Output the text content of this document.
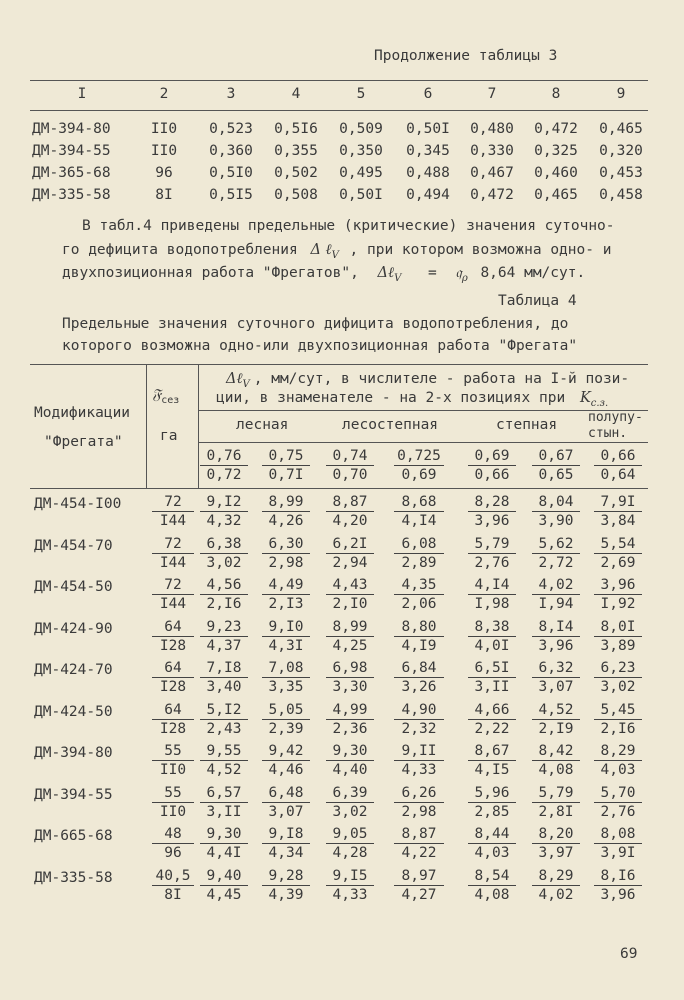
Продолжение таблицы 3
I	2	3	4	5	6	7	8	9
ДМ-394-80	II0	0,523	0,5I6	0,509	0,50I	0,480	0,472	0,465
ДМ-394-55	II0	0,360	0,355	0,350	0,345	0,330	0,325	0,320
ДМ-365-68	96	0,5I0	0,502	0,495	0,488	0,467	0,460	0,453
ДМ-335-58	8I	0,5I5	0,508	0,50I	0,494	0,472	0,465	0,458
В табл.4 приведены предельные (критические) значения суточно-
го дефицита водопотребления Δ ℓ$_V$ , при котором возможна одно- и
двухпозиционная работа "Фрегатов", Δℓ$_V$ = 𝔮$_\rho$ 8,64 мм/сут.
Таблица 4
Предельные значения суточного дифицита водопотребления, до
которого возможна одно-или двухпозиционная работа "Фрегата"
Модификации
"Фрегата"
𝔉$_{сез}$
га
Δℓ$_V$ , мм/сут, в числителе - работа на I-й пози-
ции, в знаменателе - на 2-х позициях при $K_{с.з.}$
лесная	лесостепная	степная полупу-
стын.
$\frac{0,76}{0,72} \frac{0,75}{0,7I} \frac{0,74}{0,70} \frac{0,725}{0,69} \frac{0,69}{0,66} \frac{0,67}{0,65} \frac{0,66}{0,64}$
$ДМ-454-I00 \frac{72}{I44} \frac{9,I2}{4,32} \frac{8,99}{4,26} \frac{8,87}{4,20} \frac{8,68}{4,I4} \frac{8,28}{3,96} \frac{8,04}{3,90} \frac{7,9I}{3,84}$
ДМ-454-70	$\frac{72}{I44} \frac{6,38}{3,02} \frac{6,30}{2,98} \frac{6,2I}{2,94} \frac{6,08}{2,89} \frac{5,79}{2,76} \frac{5,62}{2,72} \frac{5,54}{2,69}$
ДМ-454-50	$\frac{72}{I44} \frac{4,56}{2,I6} \frac{4,49}{2,I3} \frac{4,43}{2,I0} \frac{4,35}{2,06} \frac{4,I4}{I,98} \frac{4,02}{I,94} \frac{3,96}{I,92}$
ДМ-424-90	$\frac{64}{I28} \frac{9,23}{4,37} \frac{9,I0}{4,3I} \frac{8,99}{4,25} \frac{8,80}{4,I9} \frac{8,38}{4,0I} \frac{8,I4}{3,96} \frac{8,0I}{3,89}$
ДМ-424-70	$\frac{64}{I28} \frac{7,I8}{3,40} \frac{7,08}{3,35} \frac{6,98}{3,30} \frac{6,84}{3,26} \frac{6,5I}{3,II} \frac{6,32}{3,07} \frac{6,23}{3,02}$
ДМ-424-50	$\frac{64}{I28} \frac{5,I2}{2,43} \frac{5,05}{2,39} \frac{4,99}{2,36} \frac{4,90}{2,32} \frac{4,66}{2,22} \frac{4,52}{2,I9} \frac{5,45}{2,I6}$
ДМ-394-80	$\frac{55}{II0} \frac{9,55}{4,52} \frac{9,42}{4,46} \frac{9,30}{4,40} \frac{9,II}{4,33} \frac{8,67}{4,I5} \frac{8,42}{4,08} \frac{8,29}{4,03}$
ДМ-394-55	$\frac{55}{II0} \frac{6,57}{3,II} \frac{6,48}{3,07} \frac{6,39}{3,02} \frac{6,26}{2,98} \frac{5,96}{2,85} \frac{5,79}{2,8I} \frac{5,70}{2,76}$
ДМ-665-68	$\frac{48}{96} \frac{9,30}{4,4I} \frac{9,I8}{4,34} \frac{9,05}{4,28} \frac{8,87}{4,22} \frac{8,44}{4,03} \frac{8,20}{3,97} \frac{8,08}{3,9I}$
ДМ-335-58	$\frac{40,5}{8I} \frac{9,40}{4,45} \frac{9,28}{4,39} \frac{9,I5}{4,33} \frac{8,97}{4,27} \frac{8,54}{4,08} \frac{8,29}{4,02} \frac{8,I6}{3,96}$
69
